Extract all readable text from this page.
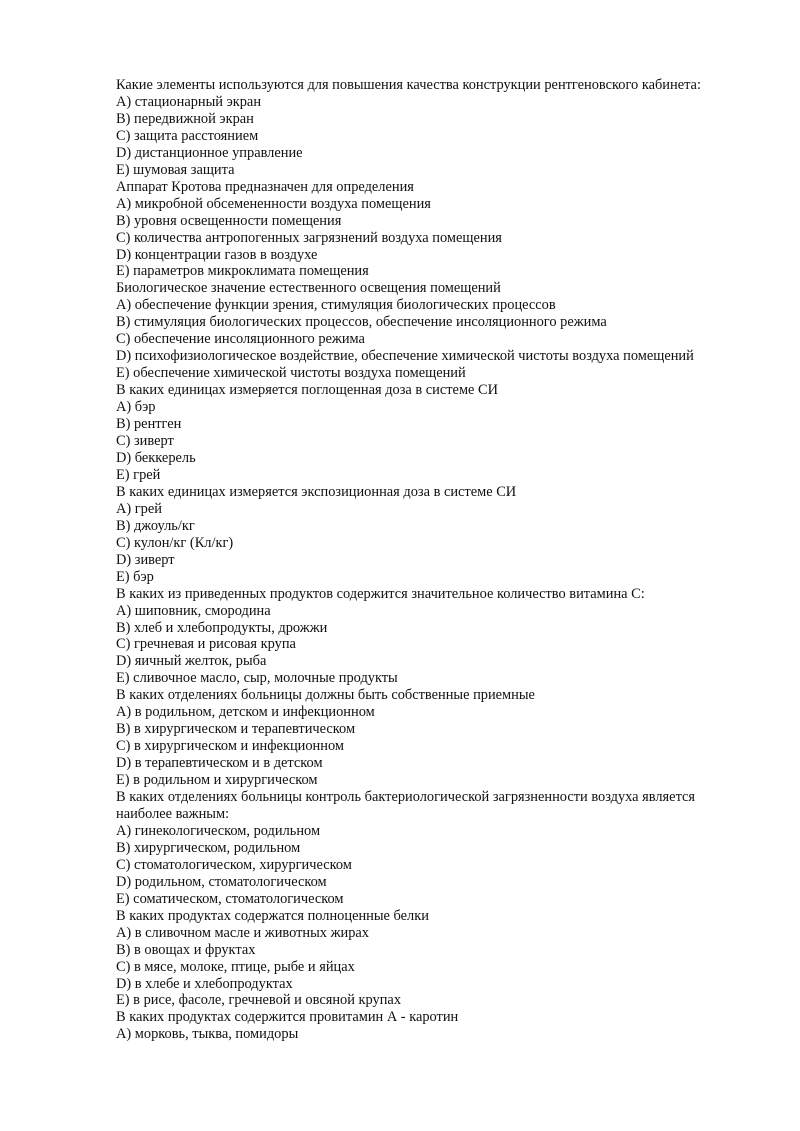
Какие элементы используются для повышения качества конструкции рентгеновского кабинета:
A) стационарный экран
B) передвижной экран
C) защита расстоянием
D) дистанционное управление
E) шумовая защита
Аппарат Кротова предназначен для определения
A) микробной обсемененности воздуха помещения
B) уровня освещенности помещения
C) количества антропогенных загрязнений воздуха помещения
D) концентрации газов в воздухе
E) параметров микроклимата помещения
Биологическое значение естественного освещения помещений
A) обеспечение функции зрения, стимуляция биологических процессов
B) стимуляция биологических процессов, обеспечение инсоляционного режима
C) обеспечение инсоляционного режима
D) психофизиологическое воздействие, обеспечение химической чистоты воздуха помещений
E) обеспечение химической чистоты воздуха помещений
В каких единицах измеряется поглощенная доза в системе СИ
A) бэр
B) рентген
C) зиверт
D) беккерель
E) грей
В каких единицах измеряется экспозиционная доза в системе СИ
A) грей
B) джоуль/кг
C) кулон/кг (Кл/кг)
D) зиверт
E) бэр
В каких из приведенных продуктов содержится значительное количество витамина С:
A) шиповник, смородина
B) хлеб и хлебопродукты, дрожжи
C) гречневая и рисовая крупа
D) яичный желток, рыба
E) сливочное масло, сыр, молочные продукты
В каких отделениях больницы должны быть собственные приемные
A) в родильном, детском и инфекционном
B) в хирургическом и терапевтическом
C) в хирургическом и инфекционном
D) в терапевтическом и в детском
E) в родильном и хирургическом
В каких отделениях больницы контроль бактериологической загрязненности воздуха является наиболее важным:
A) гинекологическом, родильном
B) хирургическом, родильном
C) стоматологическом, хирургическом
D) родильном, стоматологическом
E) соматическом, стоматологическом
В каких продуктах содержатся полноценные белки
A) в сливочном масле и животных жирах
B) в овощах и фруктах
C) в мясе, молоке, птице, рыбе и яйцах
D) в хлебе и хлебопродуктах
E) в рисе, фасоле, гречневой и овсяной крупах
В каких продуктах содержится провитамин А - каротин
A) морковь, тыква, помидоры
